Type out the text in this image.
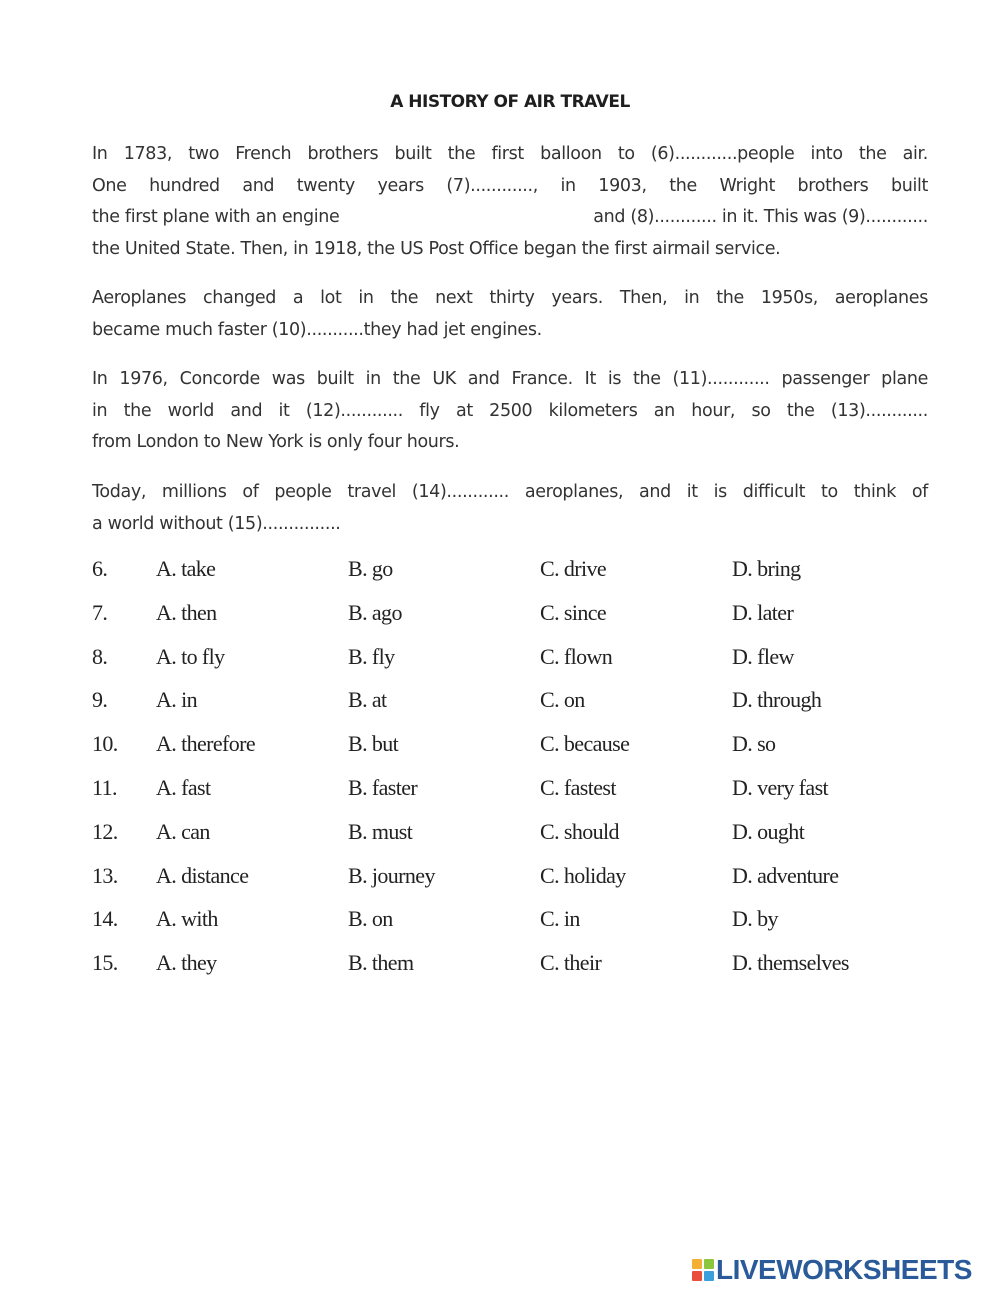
A HISTORY OF AIR TRAVEL
In 1783, two French brothers built the first balloon to (6)............people into the air.
One hundred and twenty years (7)............, in 1903, the Wright brothers built
the first plane with an engine	and (8)............ in it. This was (9)............
the United State. Then, in 1918, the US Post Office began the first airmail service.
Aeroplanes changed a lot in the next thirty years. Then, in the 1950s, aeroplanes
became much faster (10)...........they had jet engines.
In 1976, Concorde was built in the UK and France. It is the (11)............ passenger plane
in the world and it (12)............ fly at 2500 kilometers an hour, so the (13)............
from London to New York is only four hours.
Today, millions of people travel (14)............ aeroplanes, and it is difficult to think of
a world without (15)...............
6. A. take	B. go	C. drive	D. bring
7. A. then	B. ago	C. since	D. later
8. A. to fly	B. fly	C. flown	D. flew
9. A. in	B. at	C. on	D. through
10. A. therefore	B. but	C. because	D. so
11. A. fast	B. faster	C. fastest	D. very fast
12. A. can	B. must	C. should	D. ought
13. A. distance	B. journey	C. holiday	D. adventure
14. A. with	B. on	C. in	D. by
15. A. they	B. them	C. their	D. themselves
LIVEWORKSHEETS
